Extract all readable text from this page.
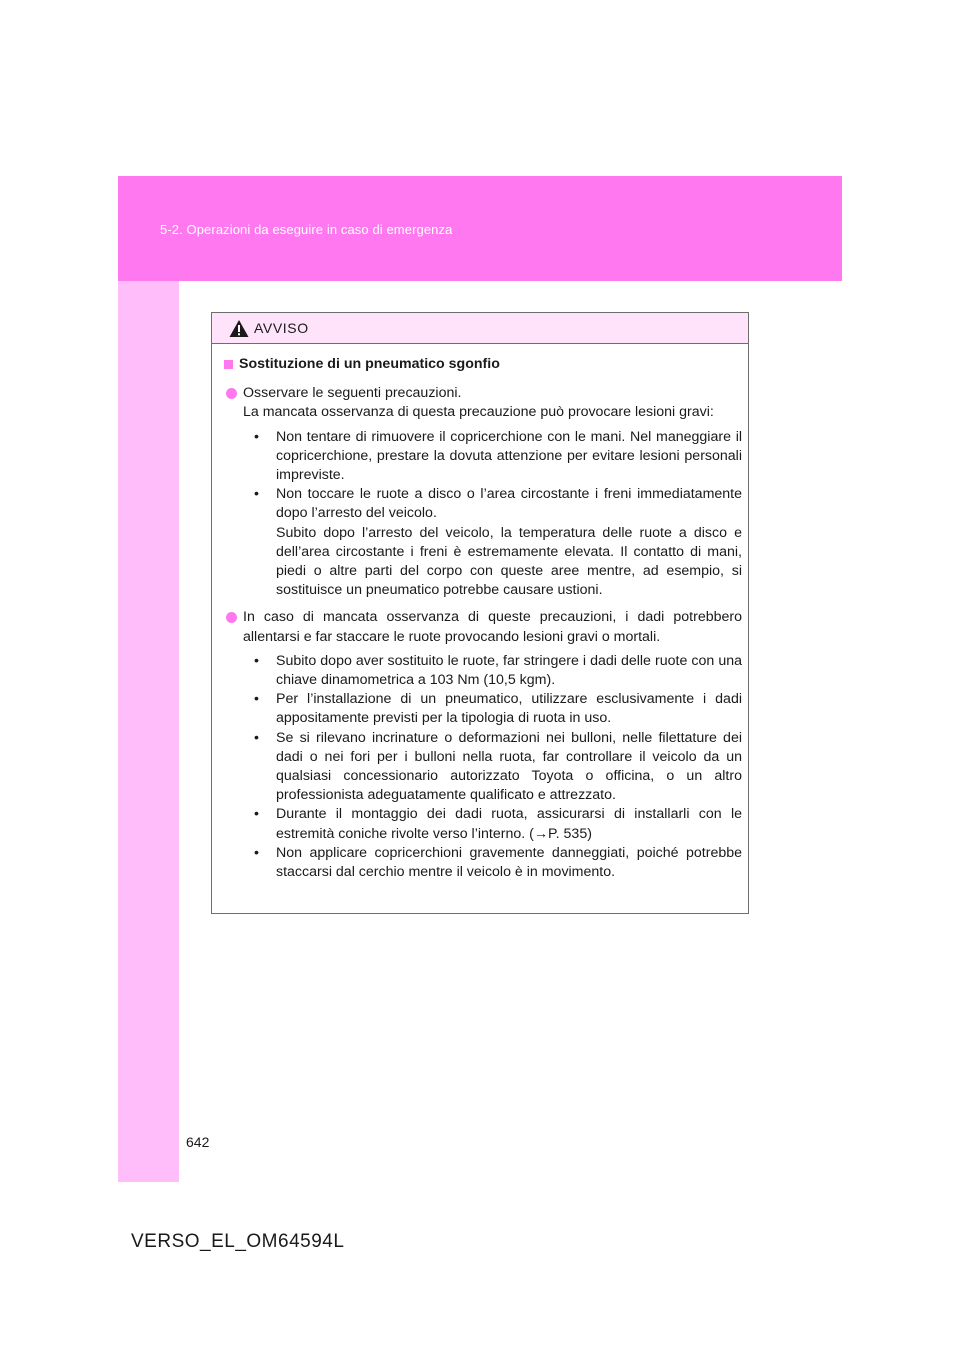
5-2. Operazioni da eseguire in caso di emergenza
AVVISO
Sostituzione di un pneumatico sgonfio

Osservare le seguenti precauzioni.

La mancata osservanza di questa precauzione può provocare lesioni gravi:

• Non tentare di rimuovere il copricerchione con le mani. Nel maneggiare il copricerchione, prestare la dovuta attenzione per evitare lesioni personali impreviste.

• Non toccare le ruote a disco o l’area circostante i freni immediatamente dopo l’arresto del veicolo.

Subito dopo l’arresto del veicolo, la temperatura delle ruote a disco e dell’area circostante i freni è estremamente elevata. Il contatto di mani, piedi o altre parti del corpo con queste aree mentre, ad esempio, si sostituisce un pneumatico potrebbe causare ustioni.

In caso di mancata osservanza di queste precauzioni, i dadi potrebbero allentarsi e far staccare le ruote provocando lesioni gravi o mortali.

• Subito dopo aver sostituito le ruote, far stringere i dadi delle ruote con una chiave dinamometrica a 103 Nm (10,5 kgm).

• Per l’installazione di un pneumatico, utilizzare esclusivamente i dadi appositamente previsti per la tipologia di ruota in uso.

• Se si rilevano incrinature o deformazioni nei bulloni, nelle filettature dei dadi o nei fori per i bulloni nella ruota, far controllare il veicolo da un qualsiasi concessionario autorizzato Toyota o officina, o un altro professionista adeguatamente qualificato e attrezzato.

• Durante il montaggio dei dadi ruota, assicurarsi di installarli con le estremità coniche rivolte verso l’interno. (→P. 535)

• Non applicare copricerchioni gravemente danneggiati, poiché potrebbe staccarsi dal cerchio mentre il veicolo è in movimento.

642
VERSO_EL_OM64594L
